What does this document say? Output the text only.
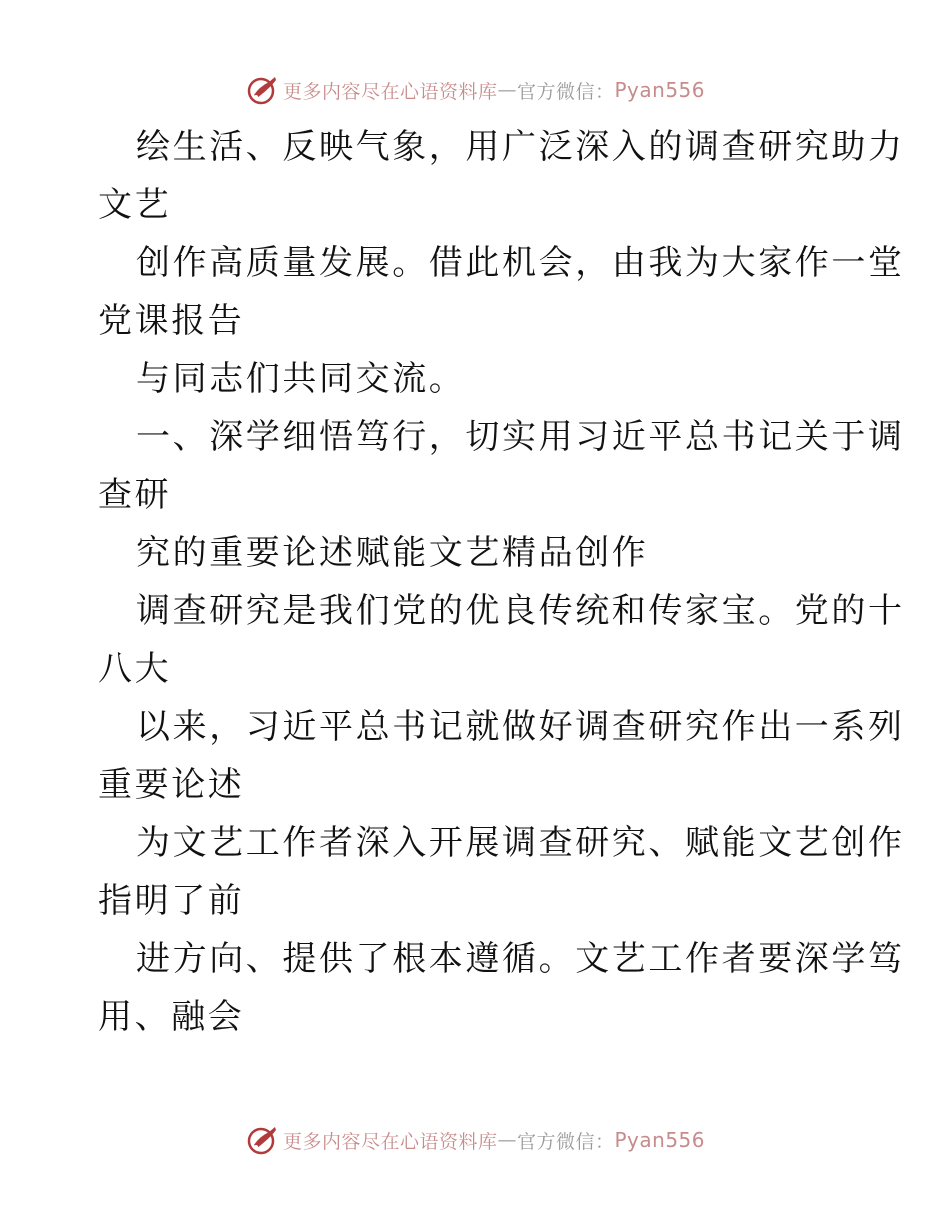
更多内容尽在心语资料库 — 官方微信： Pyan556
绘生活、反映气象，用广泛深入的调查研究助力
文艺
创作高质量发展。借此机会，由我为大家作一堂
党课报告
与同志们共同交流。
一、深学细悟笃行，切实用习近平总书记关于调
查研
究的重要论述赋能文艺精品创作
调查研究是我们党的优良传统和传家宝。党的十
八大
以来，习近平总书记就做好调查研究作出一系列
重要论述
为文艺工作者深入开展调查研究、赋能文艺创作
指明了前
进方向、提供了根本遵循。文艺工作者要深学笃
用、融会
更多内容尽在心语资料库 — 官方微信： Pyan556
